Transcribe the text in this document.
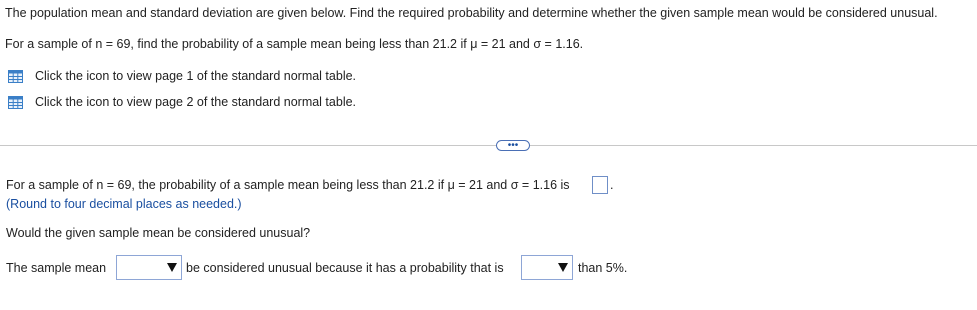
The population mean and standard deviation are given below. Find the required probability and determine whether the given sample mean would be considered unusual.
For a sample of n = 69, find the probability of a sample mean being less than 21.2 if μ = 21 and σ = 1.16.
Click the icon to view page 1 of the standard normal table.
Click the icon to view page 2 of the standard normal table.
•••
For a sample of n = 69, the probability of a sample mean being less than 21.2 if μ = 21 and σ = 1.16 is	.
(Round to four decimal places as needed.)
Would the given sample mean be considered unusual?
The sample mean	be considered unusual because it has a probability that is	than 5%.
